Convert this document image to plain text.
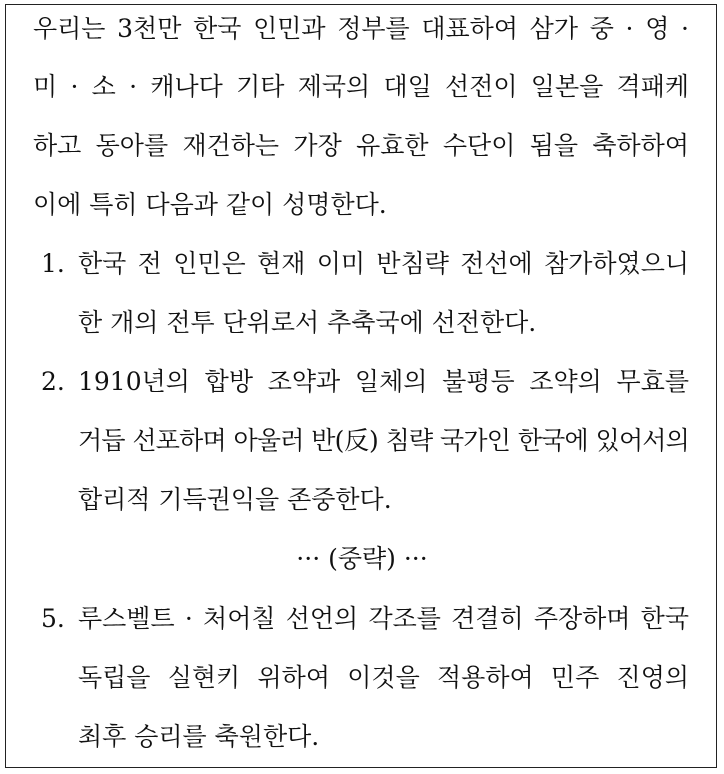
우리는 3천만 한국 인민과 정부를 대표하여 삼가 중 · 영 ·
미 · 소 · 캐나다 기타 제국의 대일 선전이 일본을 격패케
하고 동아를 재건하는 가장 유효한 수단이 됨을 축하하여
이에 특히 다음과 같이 성명한다.
1. 한국 전 인민은 현재 이미 반침략 전선에 참가하였으니
한 개의 전투 단위로서 추축국에 선전한다.
2. 1910년의 합방 조약과 일체의 불평등 조약의 무효를
거듭 선포하며 아울러 반(反) 침략 국가인 한국에 있어서의
합리적 기득권익을 존중한다.
··· (중략) ···
5. 루스벨트 · 처어칠 선언의 각조를 견결히 주장하며 한국
독립을 실현키 위하여 이것을 적용하여 민주 진영의
최후 승리를 축원한다.
